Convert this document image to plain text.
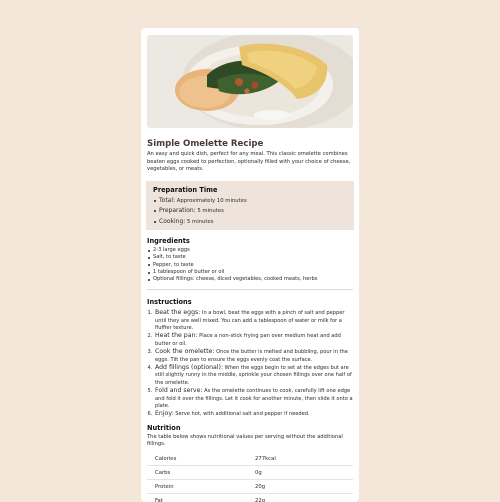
Simple Omelette Recipe

An easy and quick dish, perfect for any meal. This classic omelette combines beaten eggs cooked to perfection, optionally filled with your choice of cheese, vegetables, or meats.

Preparation Time
Total: Approximately 10 minutes
Preparation: 5 minutes
Cooking: 5 minutes
Ingredients
2-3 large eggs
Salt, to taste
Pepper, to taste
1 tablespoon of butter or oil
Optional fillings: cheese, diced vegetables, cooked meats, herbs
Instructions
1. Beat the eggs: In a bowl, beat the eggs with a pinch of salt and pepper until they are well mixed. You can add a tablespoon of water or milk for a fluffier texture.
2. Heat the pan: Place a non-stick frying pan over medium heat and add butter or oil.
3. Cook the omelette: Once the butter is melted and bubbling, pour in the eggs. Tilt the pan to ensure the eggs evenly coat the surface.
4. Add fillings (optional): When the eggs begin to set at the edges but are still slightly runny in the middle, sprinkle your chosen fillings over one half of the omelette.
5. Fold and serve: As the omelette continues to cook, carefully lift one edge and fold it over the fillings. Let it cook for another minute, then slide it onto a plate.
6. Enjoy: Serve hot, with additional salt and pepper if needed.
Nutrition

The table below shows nutritional values per serving without the additional fillings.

Calories	277kcal
Carbs	0g
Protein	20g
Fat	22g
